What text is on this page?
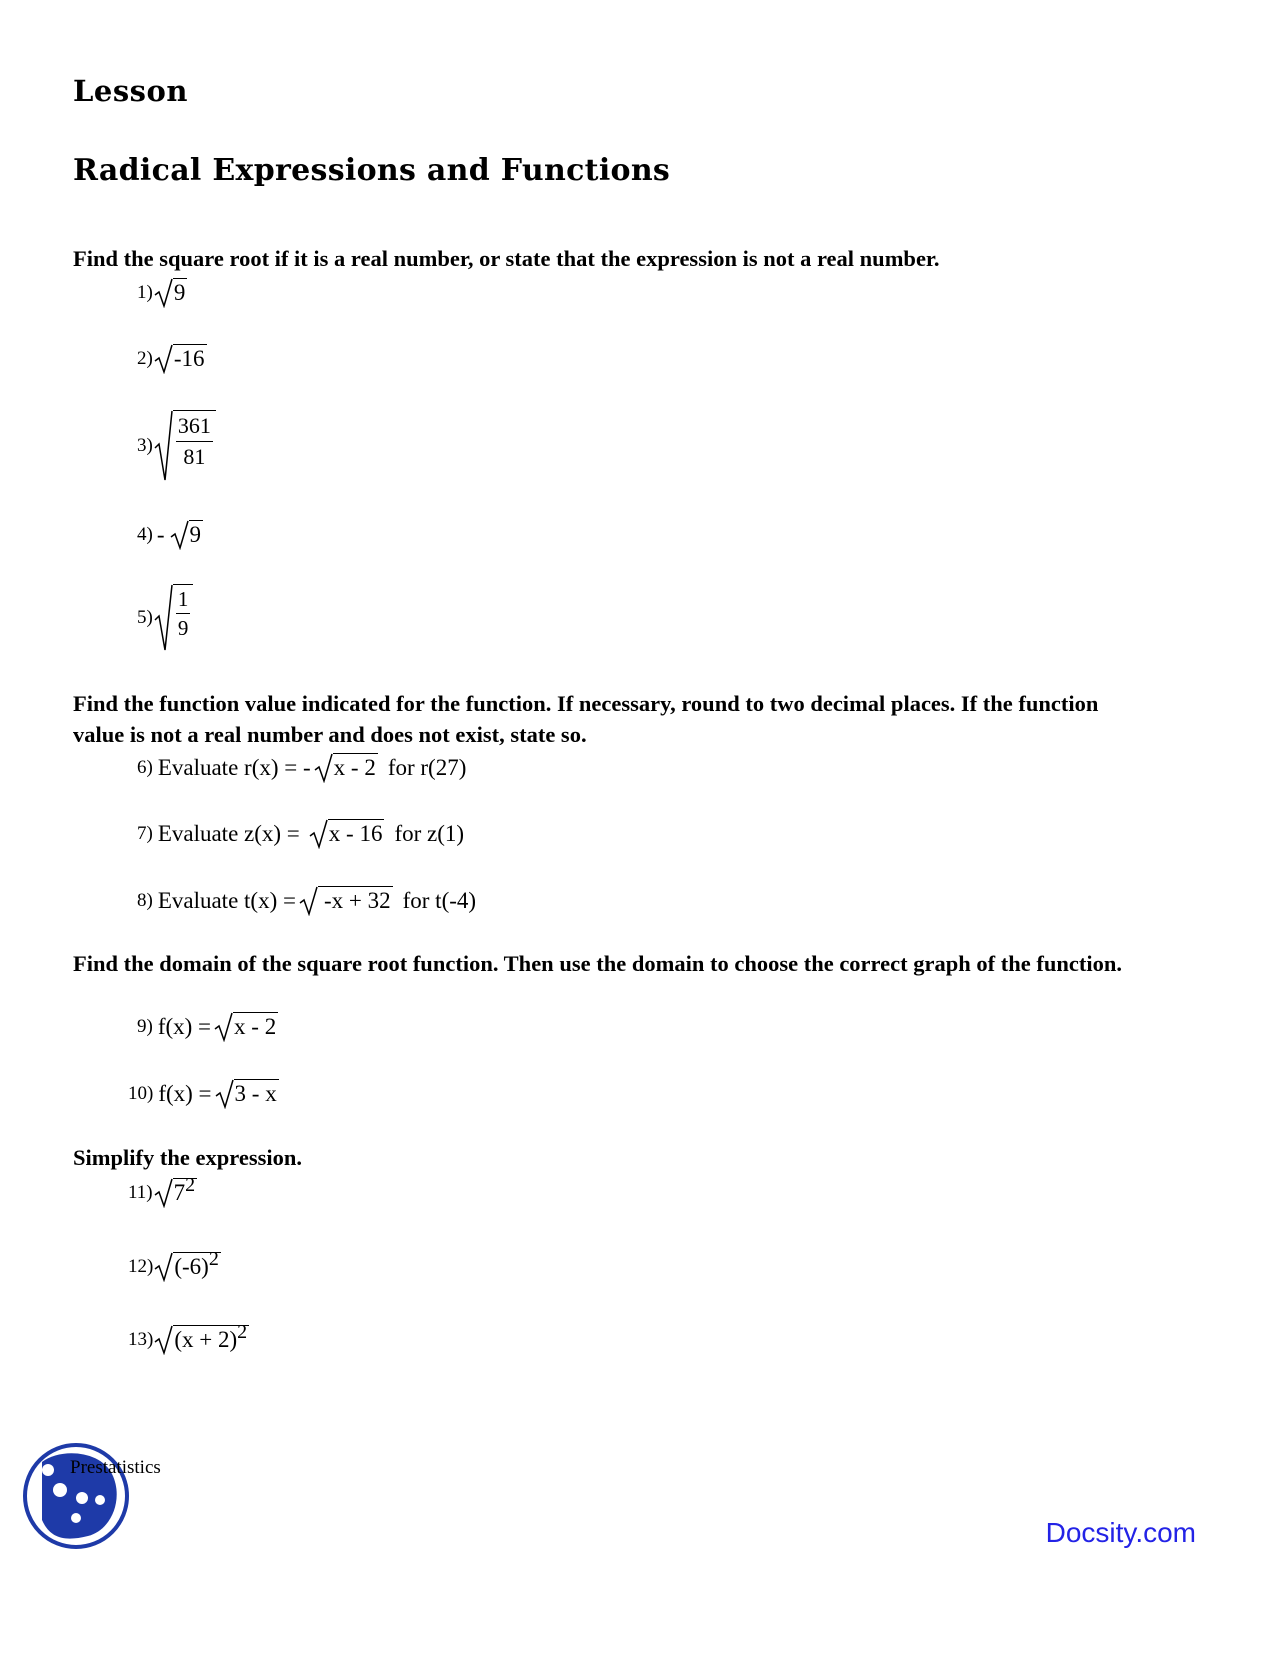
Lesson
Radical Expressions and Functions
Find the square root if it is a real number, or state that the expression is not a real number.
1) 9
2) -16
$3) \frac{361}{81}$
4) - 9
$5) \frac{1}{9}$
Find the function value indicated for the function. If necessary, round to two decimal places. If the function value is not a real number and does not exist, state so.
6) Evaluate r(x) = - x - 2 for r(27)
7) Evaluate z(x) = x - 16 for z(1)
8) Evaluate t(x) = -x + 32 for t(-4)
Find the domain of the square root function. Then use the domain to choose the correct graph of the function.
9) f(x) = x - 2
10) f(x) = 3 - x
Simplify the expression.
11) $7^2$
12) $(-6)^2$
13) $(x + 2)^2$
Prestatistics
Docsity.com
